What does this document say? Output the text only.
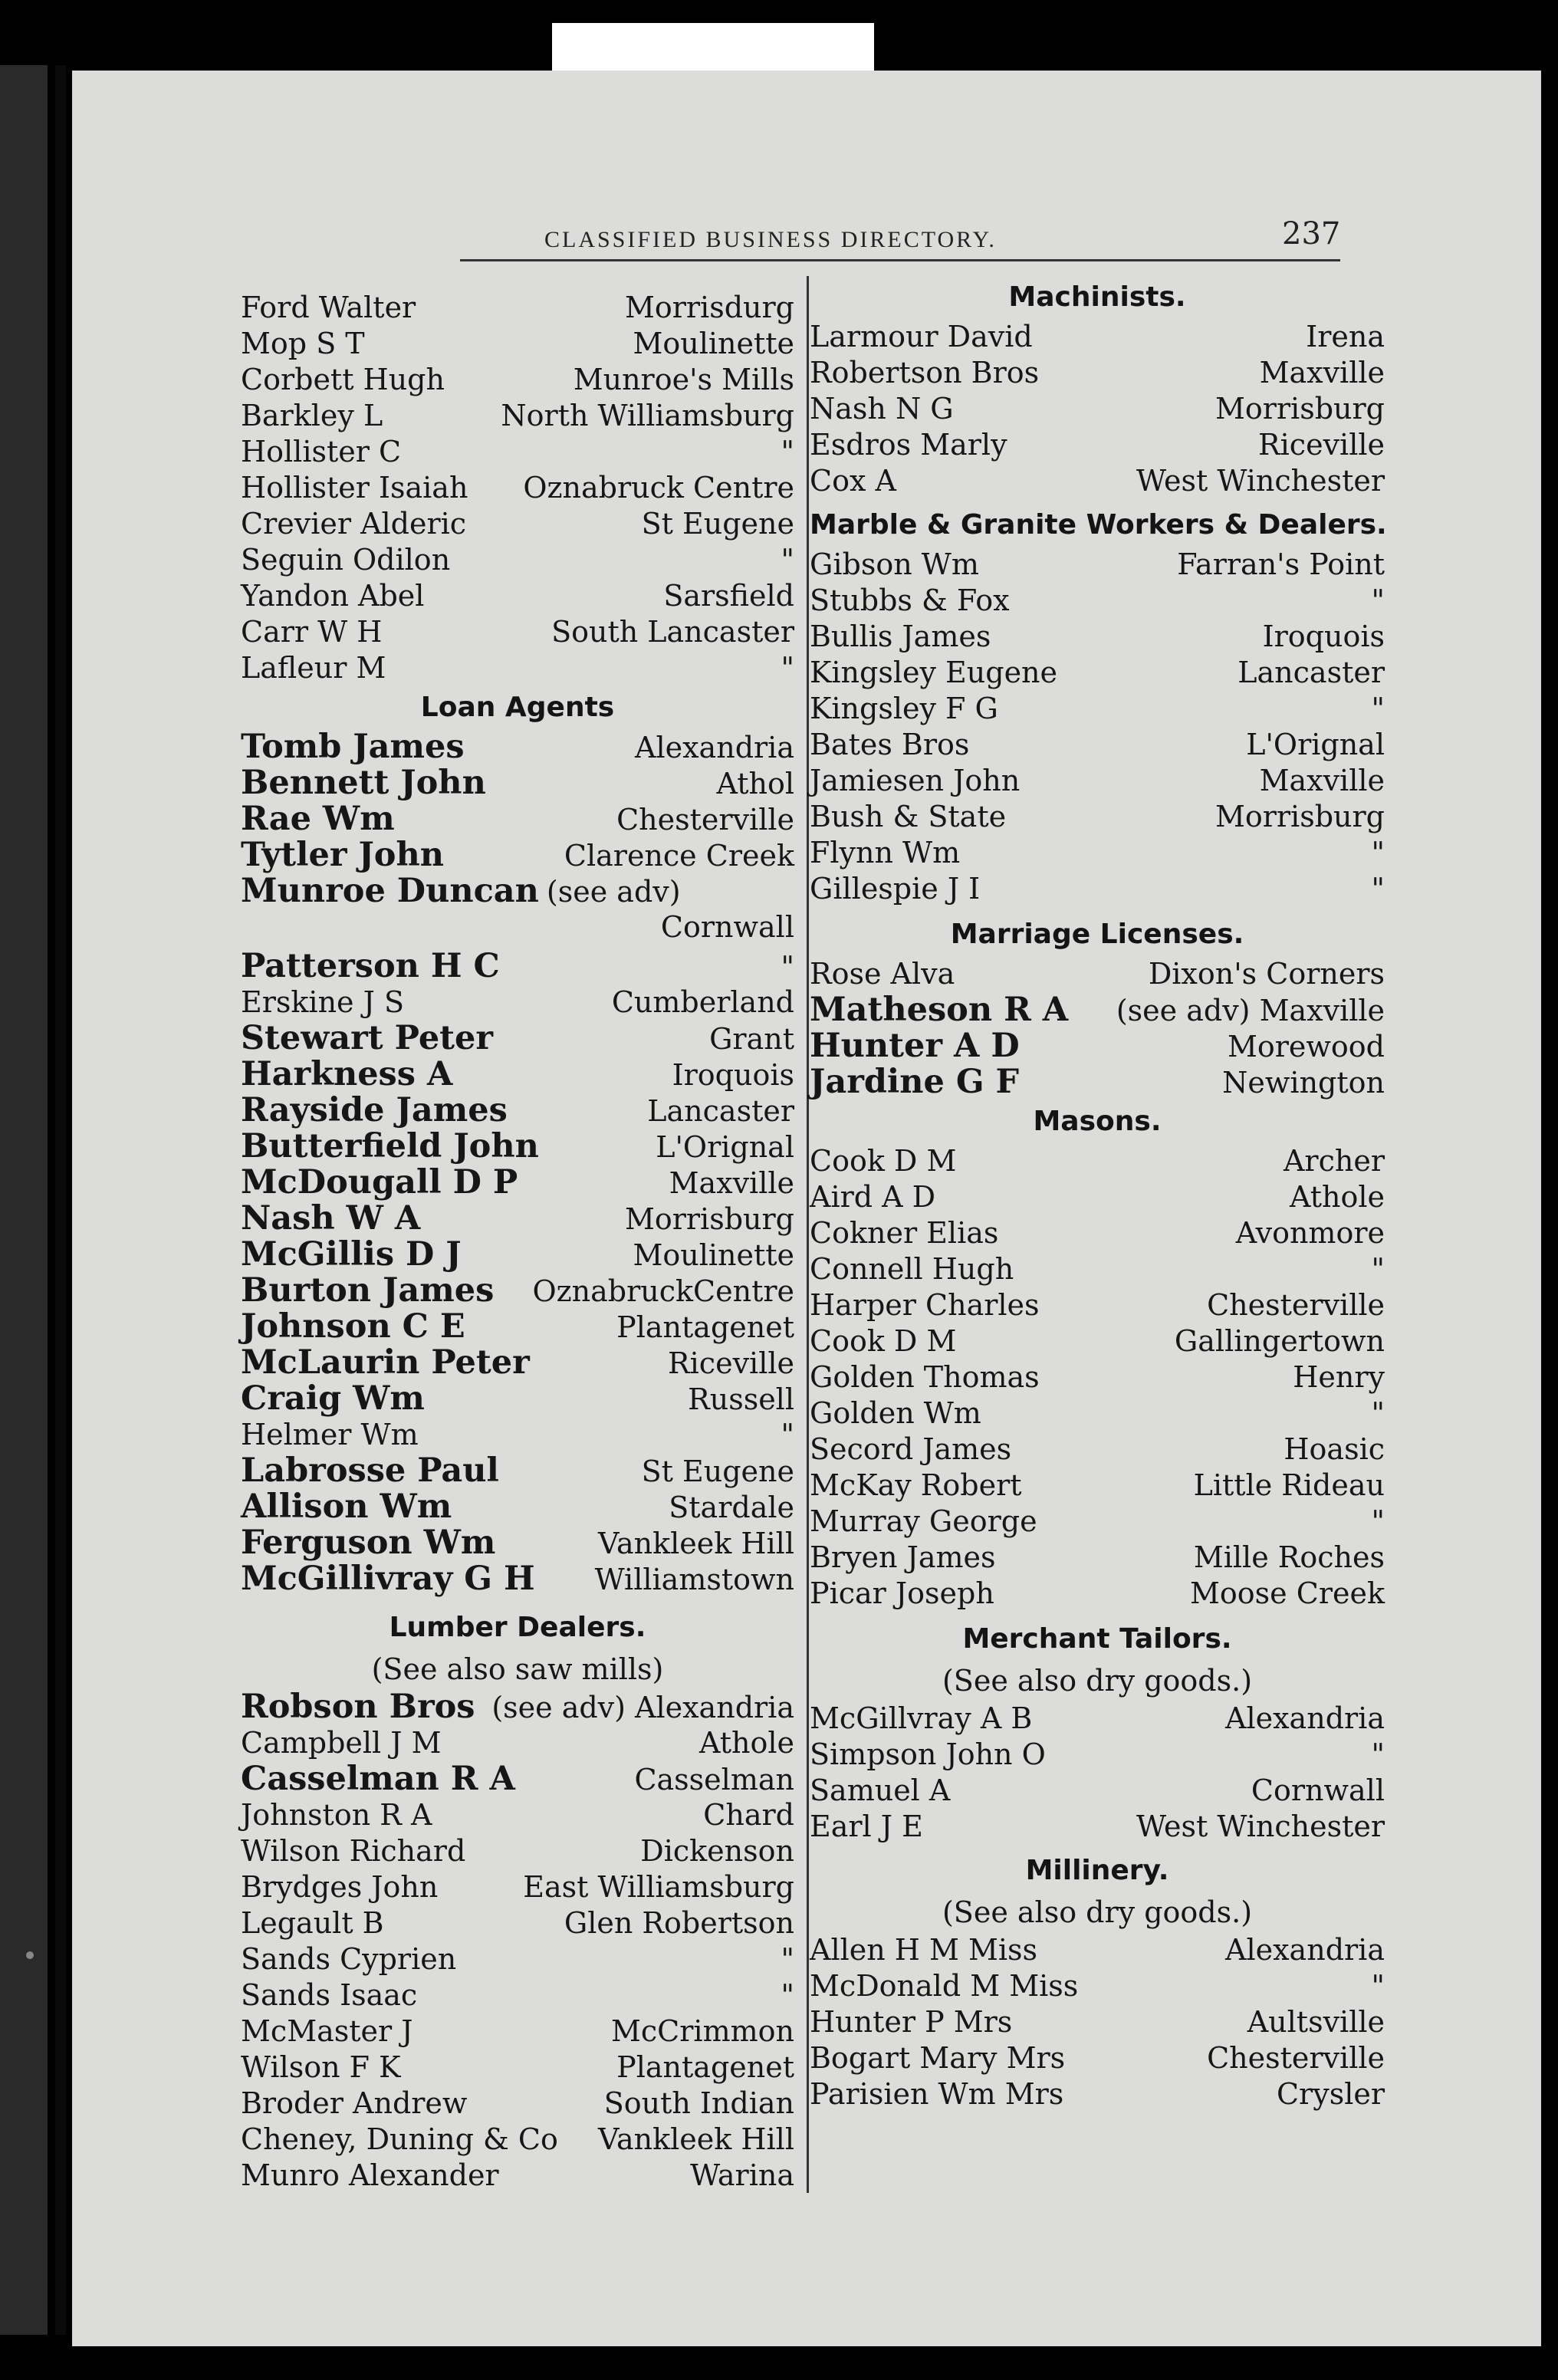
CLASSIFIED BUSINESS DIRECTORY.	237
Ford Walter	Morrisdurg
Mop S T	Moulinette
Corbett Hugh	Munroe's Mills
Barkley L	North Williamsburg
Hollister C	"
Hollister Isaiah Oznabruck Centre
Crevier Alderic	St Eugene
Seguin Odilon	"
Yandon Abel	Sarsfield
Carr W H	South Lancaster
Lafleur M	"
Loan Agents
Tomb James	Alexandria
Bennett John	Athol
Rae Wm	Chesterville
Tytler John	Clarence Creek
Munroe Duncan (see adv)
Cornwall
Patterson H C	"
Erskine J S	Cumberland
Stewart Peter	Grant
Harkness A	Iroquois
Rayside James	Lancaster
Butterfield John	L'Orignal
McDougall D P	Maxville
Nash W A	Morrisburg
McGillis D J	Moulinette
Burton James OznabruckCentre
Johnson C E	Plantagenet
McLaurin Peter	Riceville
Craig Wm	Russell
Helmer Wm	"
Labrosse Paul	St Eugene
Allison Wm	Stardale
Ferguson Wm	Vankleek Hill
McGillivray G H Williamstown
Lumber Dealers.
(See also saw mills)
Robson Bros (see adv) Alexandria
Campbell J M	Athole
Casselman R A	Casselman
Johnston R A	Chard
Wilson Richard	Dickenson
Brydges John	East Williamsburg
Legault B	Glen Robertson
Sands Cyprien	"
Sands Isaac	"
McMaster J	McCrimmon
Wilson F K	Plantagenet
Broder Andrew	South Indian
Cheney, Duning & Co Vankleek Hill
Munro Alexander	Warina
Machinists.
Larmour David	Irena
Robertson Bros	Maxville
Nash N G	Morrisburg
Esdros Marly	Riceville
Cox A	West Winchester
Marble & Granite Workers & Dealers.
Gibson Wm	Farran's Point
Stubbs & Fox	"
Bullis James	Iroquois
Kingsley Eugene	Lancaster
Kingsley F G	"
Bates Bros	L'Orignal
Jamiesen John	Maxville
Bush & State	Morrisburg
Flynn Wm	"
Gillespie J I	"
Marriage Licenses.
Rose Alva	Dixon's Corners
Matheson R A (see adv) Maxville
Hunter A D	Morewood
Jardine G F	Newington
Masons.
Cook D M	Archer
Aird A D	Athole
Cokner Elias	Avonmore
Connell Hugh	"
Harper Charles	Chesterville
Cook D M	Gallingertown
Golden Thomas	Henry
Golden Wm	"
Secord James	Hoasic
McKay Robert	Little Rideau
Murray George	"
Bryen James	Mille Roches
Picar Joseph	Moose Creek
Merchant Tailors.
(See also dry goods.)
McGillvray A B	Alexandria
Simpson John O	"
Samuel A	Cornwall
Earl J E	West Winchester
Millinery.
(See also dry goods.)
Allen H M Miss	Alexandria
McDonald M Miss	"
Hunter P Mrs	Aultsville
Bogart Mary Mrs	Chesterville
Parisien Wm Mrs	Crysler
